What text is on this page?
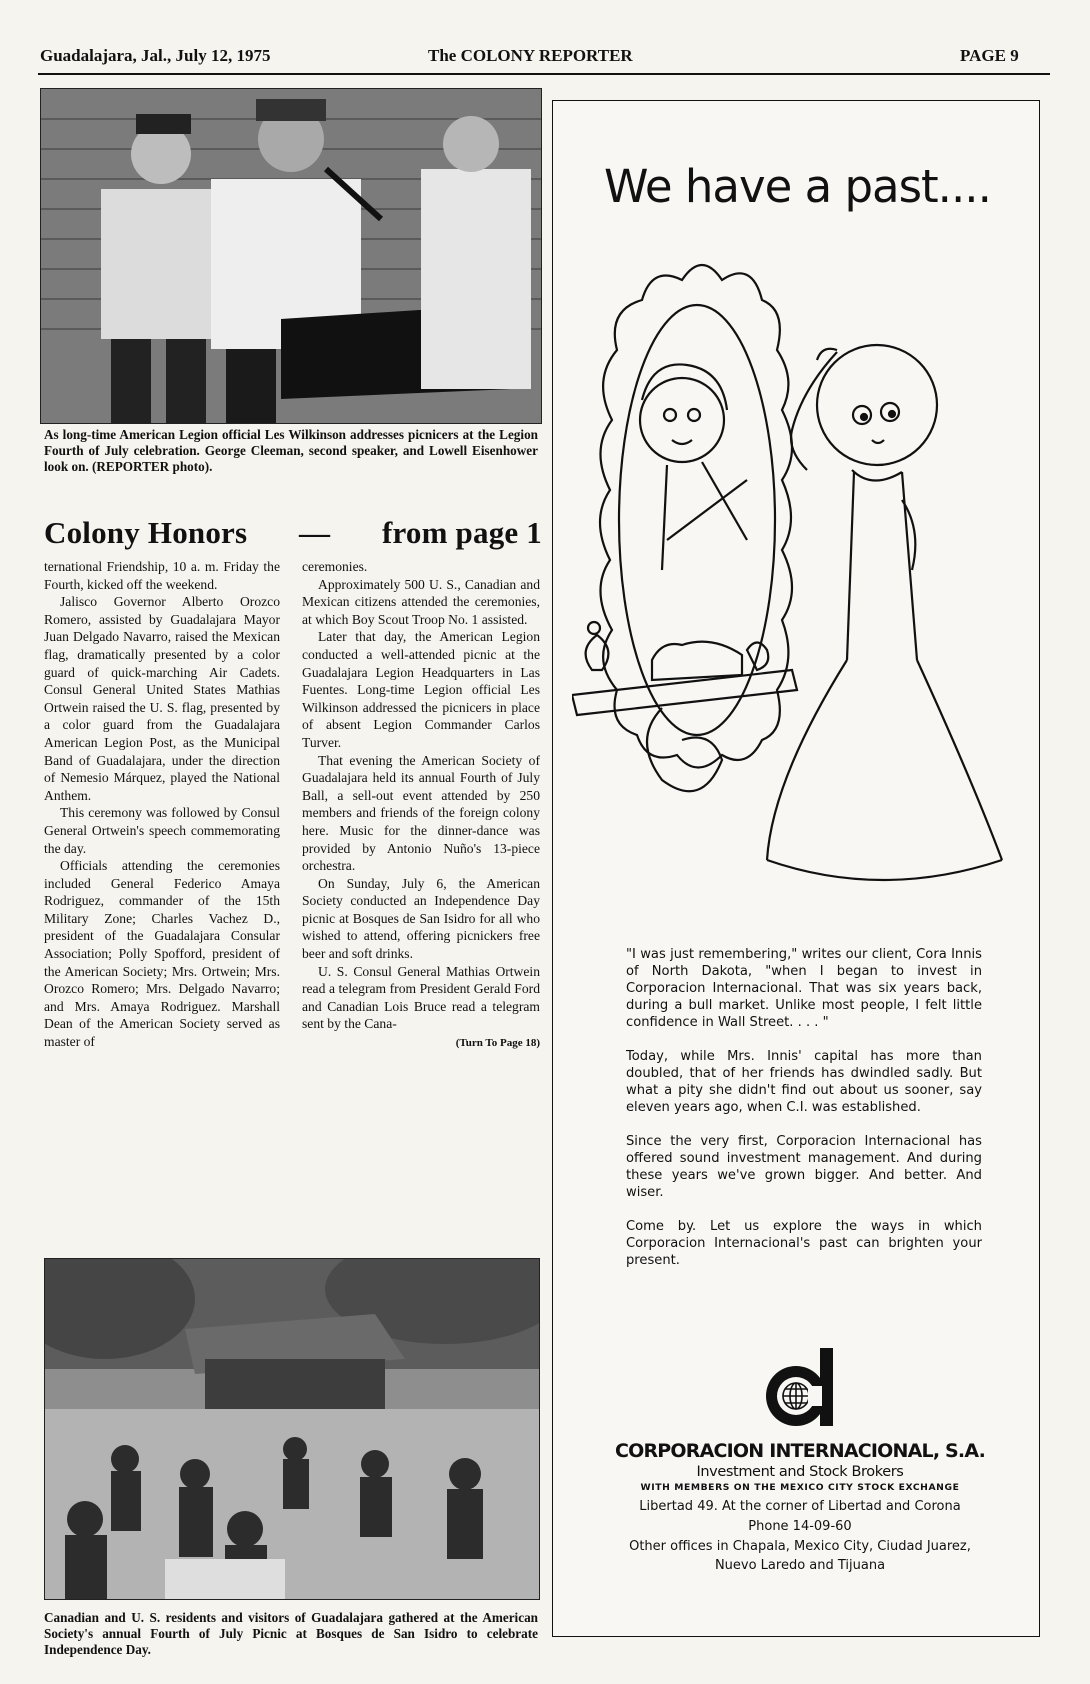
Guadalajara, Jal., July 12, 1975	The COLONY REPORTER	PAGE 9
As long-time American Legion official Les Wilkinson addresses picnicers at the Legion Fourth of July celebration. George Cleeman, second speaker, and Lowell Eisenhower look on. (REPORTER photo).
Colony Honors — from page 1

ternational Friendship, 10 a. m. Friday the Fourth, kicked off the weekend.

Jalisco Governor Alberto Orozco Romero, assisted by Guadalajara Mayor Juan Delgado Navarro, raised the Mexican flag, dramatically presented by a color guard of quick-marching Air Cadets. Consul General United States Mathias Ortwein raised the U. S. flag, presented by a color guard from the Guadalajara American Legion Post, as the Municipal Band of Guadalajara, under the direction of Nemesio Márquez, played the National Anthem.

This ceremony was followed by Consul General Ortwein's speech commemorating the day.

Officials attending the ceremonies included General Federico Amaya Rodriguez, commander of the 15th Military Zone; Charles Vachez D., president of the Guadalajara Consular Association; Polly Spofford, president of the American Society; Mrs. Ortwein; Mrs. Orozco Romero; Mrs. Delgado Navarro; and Mrs. Amaya Rodriguez. Marshall Dean of the American Society served as master of

ceremonies.

Approximately 500 U. S., Canadian and Mexican citizens attended the ceremonies, at which Boy Scout Troop No. 1 assisted.

Later that day, the American Legion conducted a well-attended picnic at the Guadalajara Legion Headquarters in Las Fuentes. Long-time Legion official Les Wilkinson addressed the picnicers in place of absent Legion Commander Carlos Turver.

That evening the American Society of Guadalajara held its annual Fourth of July Ball, a sell-out event attended by 250 members and friends of the foreign colony here. Music for the dinner-dance was provided by Antonio Nuño's 13-piece orchestra.

On Sunday, July 6, the American Society conducted an Independence Day picnic at Bosques de San Isidro for all who wished to attend, offering picnickers free beer and soft drinks.

U. S. Consul General Mathias Ortwein read a telegram from President Gerald Ford and Canadian Lois Bruce read a telegram sent by the Cana-

(Turn To Page 18)

Canadian and U. S. residents and visitors of Guadalajara gathered at the American Society's annual Fourth of July Picnic at Bosques de San Isidro to celebrate Independence Day.
We have a past....

"I was just remembering," writes our client, Cora Innis of North Dakota, "when I began to invest in Corporacion Internacional. That was six years back, during a bull market. Unlike most people, I felt little confidence in Wall Street. . . . "

Today, while Mrs. Innis' capital has more than doubled, that of her friends has dwindled sadly. But what a pity she didn't find out about us sooner, say eleven years ago, when C.I. was established.

Since the very first, Corporacion Internacional has offered sound investment management. And during these years we've grown bigger. And better. And wiser.

Come by. Let us explore the ways in which Corporacion Internacional's past can brighten your present.

CORPORACION INTERNACIONAL, S.A.
Investment and Stock Brokers
WITH MEMBERS ON THE MEXICO CITY STOCK EXCHANGE
Libertad 49. At the corner of Libertad and Corona
Phone 14-09-60
Other offices in Chapala, Mexico City, Ciudad Juarez,
Nuevo Laredo and Tijuana
